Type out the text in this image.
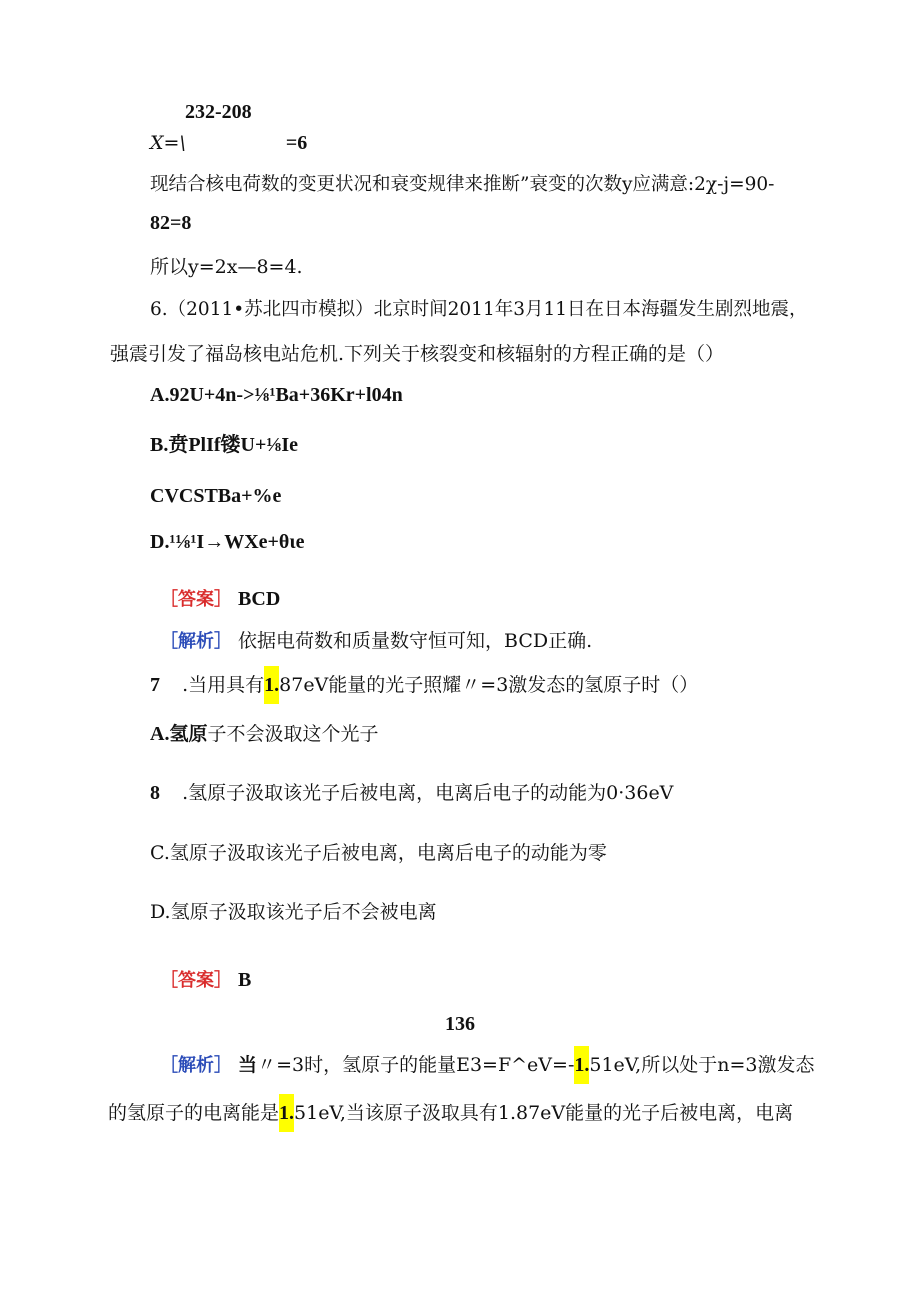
232-208
X=\	=6
现结合核电荷数的变更状况和衰变规律来推断”衰变的次数y应满意:2χ-j=90-
82=8
所以y=2x—8=4.
6.（2011•苏北四市模拟）北京时间2011年3月11日在日本海疆发生剧烈地震，
强震引发了福岛核电站危机.下列关于核裂变和核辐射的方程正确的是（）
A.92U+4n->⅛¹Ba+36Kr+l04n
B.贲PlIf镂U+⅛Ie
CVCSTBa+%e
D.¹⅛¹I→WXe+θιe
［答案］ BCD
［解析］ 依据电荷数和质量数守恒可知，BCD正确.
7 .当用具有1.87eV能量的光子照耀〃=3激发态的氢原子时（）
A.氢原子不会汲取这个光子
8 .氢原子汲取该光子后被电离，电离后电子的动能为0·36eV
C.氢原子汲取该光子后被电离，电离后电子的动能为零
D.氢原子汲取该光子后不会被电离
［答案］ B
136
［解析］ 当〃=3时，氢原子的能量E3=F^eV=-1.51eV,所以处于n=3激发态
的氢原子的电离能是1.51eV,当该原子汲取具有1.87eV能量的光子后被电离，电离
